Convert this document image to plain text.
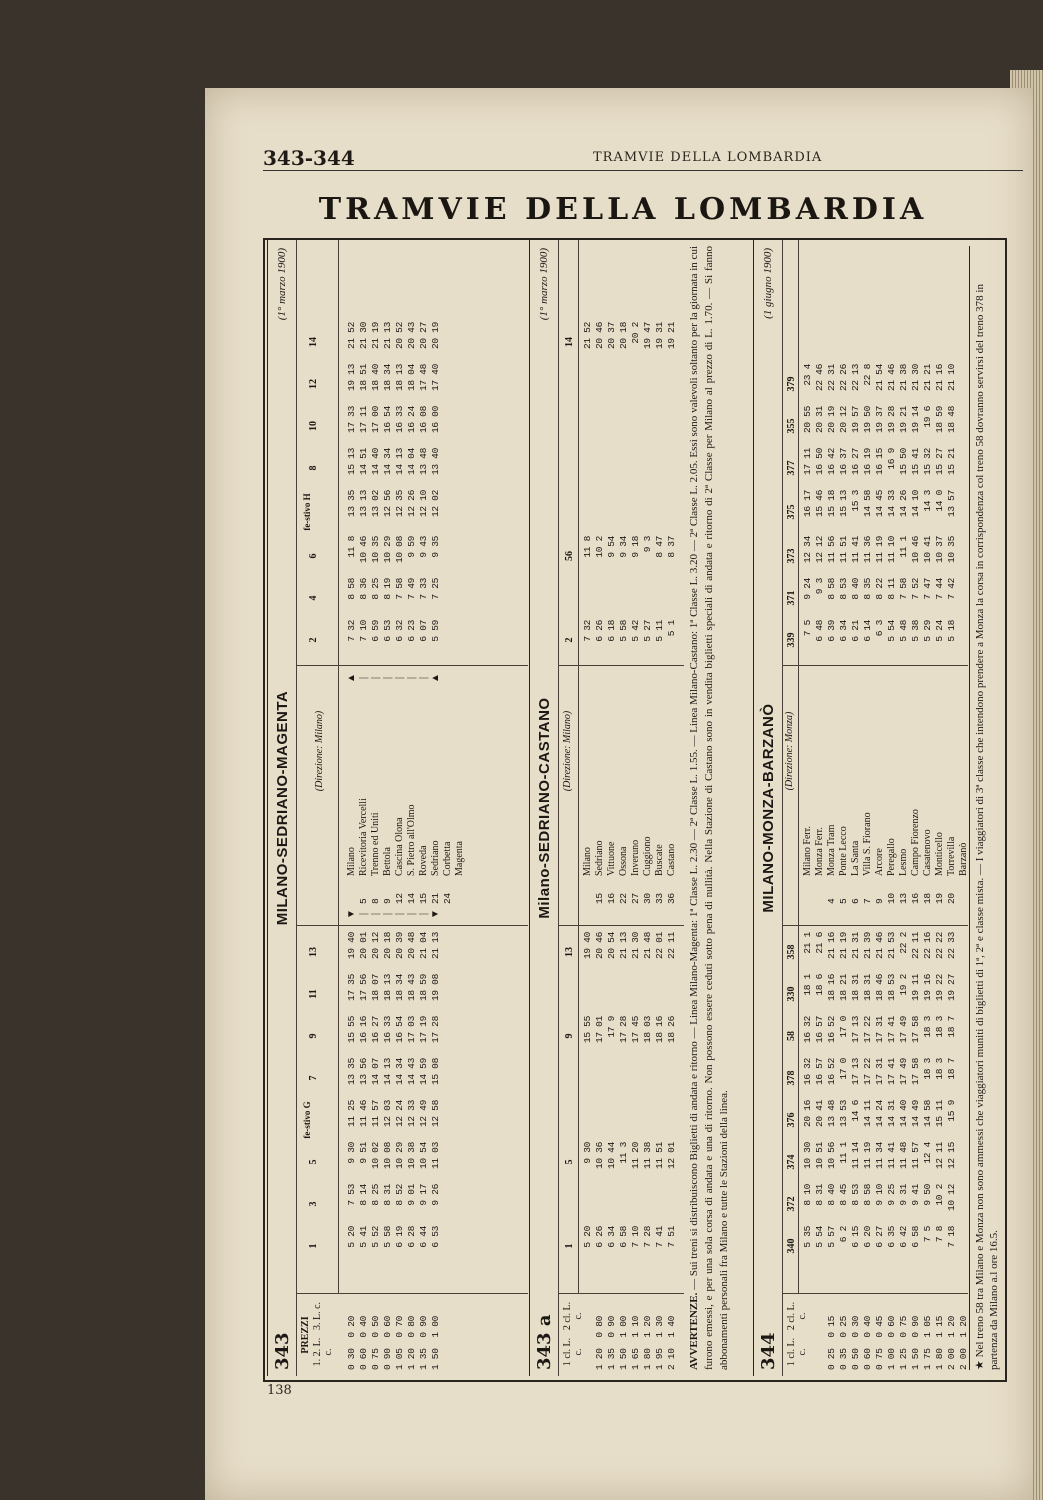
343-344	TRAMVIE DELLA LOMBARDIA
138
TRAMVIE DELLA LOMBARDIA
343
MILANO-SEDRIANO-MAGENTA
(1° marzo 1900)
PREZZI 1. 2. L. c.
3. L. c.
0 30  0 20
0 60  0 40
0 75  0 50
0 90  0 60
1 05  0 70
1 20  0 80
1 35  0 90
1 50  1 00
5 20
5 41
5 52
5 58
6 19
6 28
6 44
6 53
7 53
8 14
8 25
8 31
8 52
9 01
9 17
9 26
9 30
9 51
10 02
10 08
10 29
10 38
10 54
11 03
11 25
11 46
11 57
12 03
12 24
12 33
12 49
12 58
13 35
13 56
14 07
14 13
14 34
14 43
14 59
15 08
15 55
16 16
16 27
16 33
16 54
17 03
17 19
17 28
17 35
17 56
18 07
18 13
18 34
18 43
18 59
19 08
19 40
20 01
20 12
20 18
20 39
20 48
21 04
21 13
1
3
5
fe-stivo G
7
9
11
13
▼
|
|
|
|
|
|
▼

5
8
9
12
14
15
21
24
(Direzione: Milano)
Milano
Ricevitoria Vercelli
Trenno ed Uniti
Bettola
Cascina Olona
S. Pietro all'Olmo
Roveda
Sedriano
Corbetta
Magenta
▲
|
|
|
|
|
|
▲
7 32
7 10
6 59
6 53
6 32
6 23
6 07
5 59
8 58
8 36
8 25
8 19
7 58
7 49
7 33
7 25
11 8
10 46
10 35
10 29
10 08
9 59
9 43
9 35
13 35
13 13
13 02
12 56
12 35
12 26
12 10
12 02
15 13
14 51
14 40
14 34
14 13
14 04
13 48
13 40
17 33
17 11
17 00
16 54
16 33
16 24
16 08
16 00
19 13
18 51
18 40
18 34
18 13
18 04
17 48
17 40
21 52
21 30
21 19
21 13
20 52
20 43
20 27
20 19
2
4
6
fe-stivo H
8
10
12
14
343 a
Milano-SEDRIANO-CASTANO
(1° marzo 1900)
1 cl. L. c.
2 cl. L. c.
1 20  0 80
1 35  0 90
1 50  1 00
1 65  1 10
1 80  1 20
1 95  1 30
2 10  1 40
5 20
6 26
6 34
6 58
7 10
7 28
7 41
7 51
9 30
10 36
10 44
11 3
11 20
11 38
11 51
12 01
15 55
17 01
17 9
17 28
17 45
18 03
18 16
18 26
19 40
20 46
20 54
21 13
21 30
21 48
22 01
22 11
1
5
9
13

15
16
22
27
30
33
36
(Direzione: Milano)
Milano
Sedriano
Vittuone
Ossona
Inveruno
Cuggiono
Buscate
Castano
7 32
6 26
6 18
5 58
5 42
5 27
5 11
5 1
11 8
10 2
9 54
9 34
9 18
9 3
8 47
8 37
21 52
20 46
20 37
20 18
20 2
19 47
19 31
19 21
2
56
14
AVVERTENZE. — Sui treni si distribuiscono Biglietti di andata e ritorno — Linea Milano-Magenta: 1ª Classe L. 2.30 — 2ª Classe L. 1.55. — Linea Milano-Castano: 1ª Classe L. 3.20 — 2ª Classe L. 2.05. Essi sono valevoli soltanto per la giornata in cui furono emessi, e per una sola corsa di andata e una di ritorno. Non possono essere ceduti sotto pena di nullità. Nella Stazione di Castano sono in vendita biglietti speciali di andata e ritorno di 2ª Classe per Milano al prezzo di L. 1.70. — Si fanno abbonamenti personali fra Milano e tutte le Stazioni della linea. 344
MILANO-MONZA-BARZANÒ
(1 giugno 1900)
1 cl. L. c.
2 cl. L. c.

0 25  0 15
0 35  0 25
0 50  0 30
0 60  0 40
0 75  0 45
1 00  0 60
1 25  0 75
1 50  0 90
1 75  1 05
1 80  1 15
2 00  1 20
2 00  1 20
5 35
5 54
5 57
6 2
6 15
6 20
6 27
6 35
6 42
6 58
7 5
7 8
7 18
8 10
8 31
8 40
8 45
8 53
8 58
9 10
9 25
9 31
9 41
9 50
10 2
10 12
10 30
10 51
10 56
11 1
11 14
11 19
11 34
11 41
11 48
11 57
12 4
12 11
12 15
20 16
20 41
13 48
13 53
14 6
14 11
14 24
14 31
14 40
14 49
14 58
15 11
15 9
16 32
16 57
16 52
17 0
17 13
17 22
17 31
17 41
17 49
17 58
18 3
18 3
18 7
16 32
16 57
16 52
17 0
17 13
17 22
17 31
17 41
17 49
17 58
18 3
18 3
18 7
18 1
18 6
18 16
18 21
18 31
18 31
18 46
18 53
19 2
19 11
19 16
19 22
19 27
21 1
21 6
21 16
21 19
21 31
21 39
21 46
21 53
22 2
22 11
22 16
22 22
22 33
340
372
374
376
378
58
330
358

4
5
6
7
9
10
13
16
18
19
20
(Direzione: Monza)
Milano Ferr.
Monza Ferr.
Monza Tram
Ponte Lecco
La Santa
Villa S. Fiorano
Arcore
Peregallo
Lesmo
Campo Fiorenzo
Casatenovo
Monticello
Torrevilla
Barzanò
7 5
6 48
6 39
6 34
6 21
6 14
6 3
5 54
5 48
5 38
5 29
5 24
5 18
9 24
9 3
8 58
8 53
8 40
8 35
8 22
8 11
7 58
7 52
7 47
7 44
7 42
12 34
12 12
11 56
11 51
11 41
11 36
11 19
11 10
11 1
10 46
10 41
10 37
10 35
16 17
15 46
15 18
15 13
15 3
14 58
14 45
14 33
14 26
14 10
14 3
14 0
13 57
17 11
16 50
16 42
16 37
16 27
16 19
16 15
16 9
15 50
15 41
15 32
15 27
15 21
20 55
20 31
20 19
20 12
19 57
19 50
19 37
19 28
19 21
19 14
19 6
18 59
18 48
23 4
22 46
22 31
22 26
22 13
22 8
21 54
21 46
21 38
21 30
21 21
21 16
21 10
339
371
373
375
377
355
379	★ Nel treno 58 tra Milano e Monza non sono ammessi che viaggiatori muniti di biglietti di 1ª, 2ª e classe mista. — I viaggiatori di 3ª classe che intendono prendere a Monza la corsa in corrispondenza col treno 58 dovranno servirsi del treno 378 in partenza da Milano a.l ore 16.5.
